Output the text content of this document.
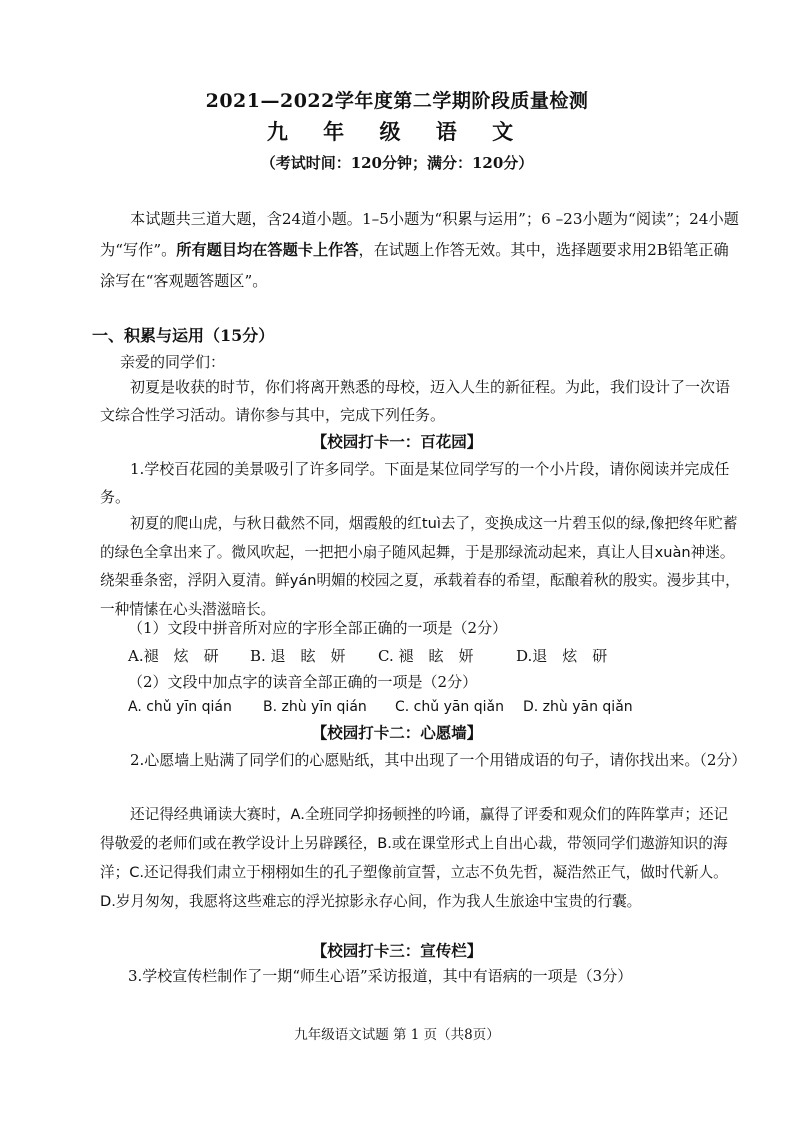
2021—2022学年度第二学期阶段质量检测
九 年 级 语 文
（考试时间：120分钟；满分：120分）
本试题共三道大题，含24道小题。1–5小题为“积累与运用”；6 –23小题为“阅读”；24小题为“写作”。所有题目均在答题卡上作答，在试题上作答无效。其中，选择题要求用2B铅笔正确涂写在“客观题答题区”。
一、积累与运用（15分）
亲爱的同学们：
初夏是收获的时节，你们将离开熟悉的母校，迈入人生的新征程。为此，我们设计了一次语文综合性学习活动。请你参与其中，完成下列任务。
【校园打卡一：百花园】
1.学校百花园的美景吸引了许多同学。下面是某位同学写的一个小片段，请你阅读并完成任务。
初夏的爬山虎，与秋日截然不同，烟霞般的红tuì去了，变换成这一片碧玉似的绿,像把终年贮蓄的绿色全拿出来了。微风吹起，一把把小扇子随风起舞，于是那绿流动起来，真让人目xuàn神迷。绕架垂条密，浮阴入夏清。鲜yán明媚的校园之夏，承载着春的希望，酝酿着秋的殷实。漫步其中，一种情愫在心头潜滋暗长。
（1）文段中拼音所对应的字形全部正确的一项是（2分）
A.褪　炫　研 B. 退　眩　妍 C. 褪　眩　妍	D.退　炫　研
（2）文段中加点字的读音全部正确的一项是（2分）
A. chǔ yīn qián B. zhù yīn qián C. chǔ yān qiǎn D. zhù yān qiǎn
【校园打卡二：心愿墙】
2.心愿墙上贴满了同学们的心愿贴纸，其中出现了一个用错成语的句子，请你找出来。（2分）
还记得经典诵读大赛时，A.全班同学抑扬顿挫的吟诵，赢得了评委和观众们的阵阵掌声；还记得敬爱的老师们或在教学设计上另辟蹊径，B.或在课堂形式上自出心裁，带领同学们遨游知识的海洋；C.还记得我们肃立于栩栩如生的孔子塑像前宣誓，立志不负先哲，凝浩然正气，做时代新人。D.岁月匆匆，我愿将这些难忘的浮光掠影永存心间，作为我人生旅途中宝贵的行囊。
【校园打卡三：宣传栏】
3.学校宣传栏制作了一期“师生心语”采访报道，其中有语病的一项是（3分）
九年级语文试题 第 1 页（共8页）
